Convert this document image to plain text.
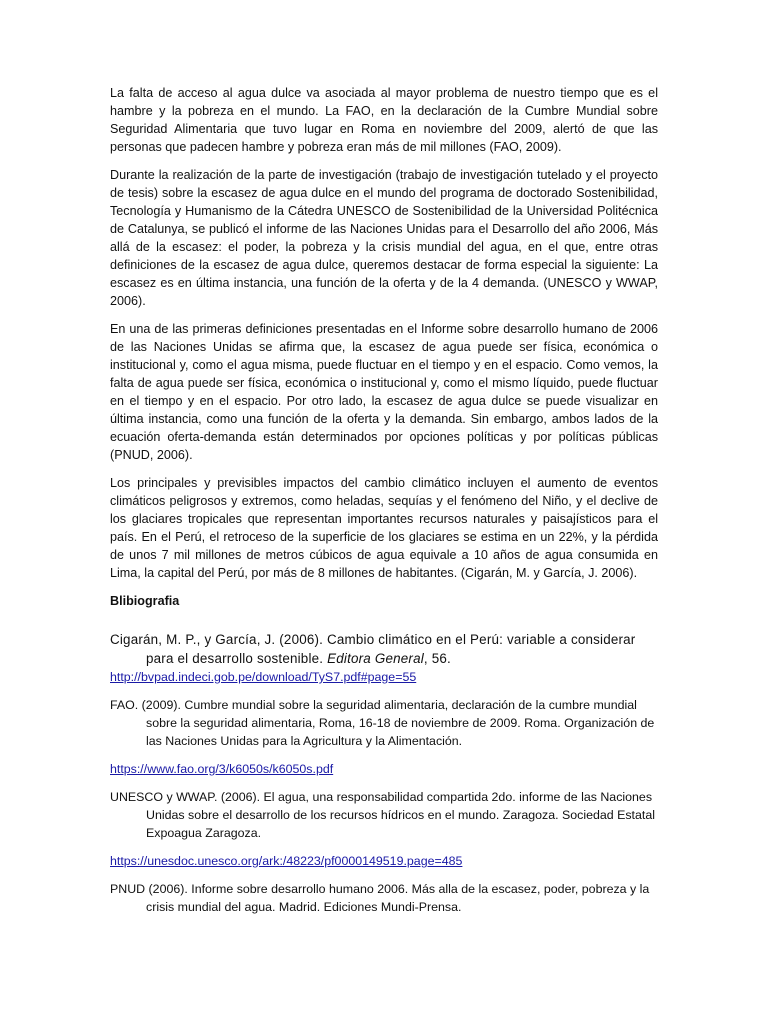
La falta de acceso al agua dulce va asociada al mayor problema de nuestro tiempo que es el hambre y la pobreza en el mundo. La FAO, en la declaración de la Cumbre Mundial sobre Seguridad Alimentaria que tuvo lugar en Roma en noviembre del 2009, alertó de que las personas que padecen hambre y pobreza eran más de mil millones (FAO, 2009).

Durante la realización de la parte de investigación (trabajo de investigación tutelado y el proyecto de tesis) sobre la escasez de agua dulce en el mundo del programa de doctorado Sostenibilidad, Tecnología y Humanismo de la Cátedra UNESCO de Sostenibilidad de la Universidad Politécnica de Catalunya, se publicó el informe de las Naciones Unidas para el Desarrollo del año 2006, Más allá de la escasez: el poder, la pobreza y la crisis mundial del agua, en el que, entre otras definiciones de la escasez de agua dulce, queremos destacar de forma especial la siguiente: La escasez es en última instancia, una función de la oferta y de la 4 demanda. (UNESCO y WWAP, 2006).

En una de las primeras definiciones presentadas en el Informe sobre desarrollo humano de 2006 de las Naciones Unidas se afirma que, la escasez de agua puede ser física, económica o institucional y, como el agua misma, puede fluctuar en el tiempo y en el espacio. Como vemos, la falta de agua puede ser física, económica o institucional y, como el mismo líquido, puede fluctuar en el tiempo y en el espacio. Por otro lado, la escasez de agua dulce se puede visualizar en última instancia, como una función de la oferta y la demanda. Sin embargo, ambos lados de la ecuación oferta-demanda están determinados por opciones políticas y por políticas públicas (PNUD, 2006).

Los principales y previsibles impactos del cambio climático incluyen el aumento de eventos climáticos peligrosos y extremos, como heladas, sequías y el fenómeno del Niño, y el declive de los glaciares tropicales que representan importantes recursos naturales y paisajísticos para el país. En el Perú, el retroceso de la superficie de los glaciares se estima en un 22%, y la pérdida de unos 7 mil millones de metros cúbicos de agua equivale a 10 años de agua consumida en Lima, la capital del Perú, por más de 8 millones de habitantes. (Cigarán, M. y García, J. 2006).

Blibiografia

Cigarán, M. P., y García, J. (2006). Cambio climático en el Perú: variable a considerar para el desarrollo sostenible. Editora General, 56.

http://bvpad.indeci.gob.pe/download/TyS7.pdf#page=55

FAO. (2009). Cumbre mundial sobre la seguridad alimentaria, declaración de la cumbre mundial sobre la seguridad alimentaria, Roma, 16-18 de noviembre de 2009. Roma. Organización de las Naciones Unidas para la Agricultura y la Alimentación.

https://www.fao.org/3/k6050s/k6050s.pdf

UNESCO y WWAP. (2006). El agua, una responsabilidad compartida 2do. informe de las Naciones Unidas sobre el desarrollo de los recursos hídricos en el mundo. Zaragoza. Sociedad Estatal Expoagua Zaragoza.

https://unesdoc.unesco.org/ark:/48223/pf0000149519.page=485

PNUD (2006). Informe sobre desarrollo humano 2006. Más alla de la escasez, poder, pobreza y la crisis mundial del agua. Madrid. Ediciones Mundi-Prensa.
